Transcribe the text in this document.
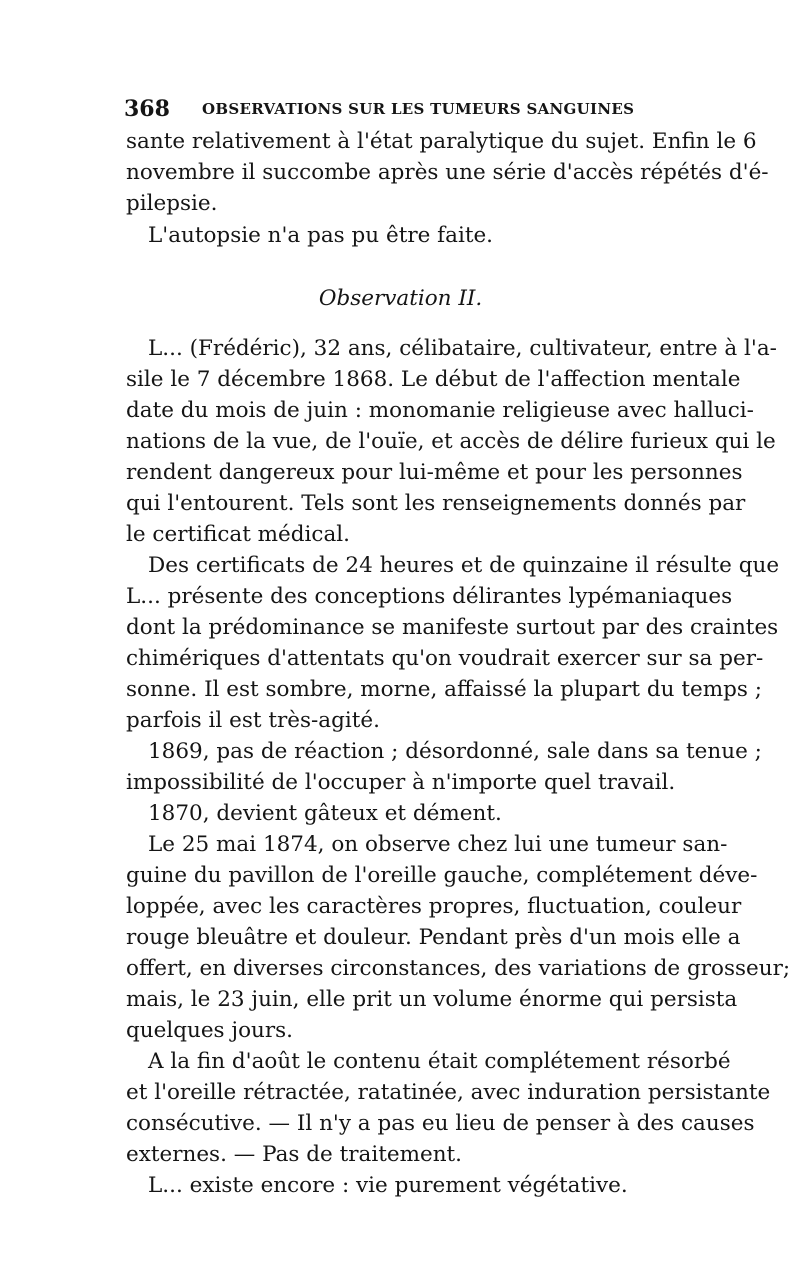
368 OBSERVATIONS SUR LES TUMEURS SANGUINES
sante relativement à l'état paralytique du sujet. Enfin le 6
novembre il succombe après une série d'accès répétés d'é-
pilepsie.
L'autopsie n'a pas pu être faite.
Observation II.
L... (Frédéric), 32 ans, célibataire, cultivateur, entre à l'a-
sile le 7 décembre 1868. Le début de l'affection mentale
date du mois de juin : monomanie religieuse avec halluci-
nations de la vue, de l'ouïe, et accès de délire furieux qui le
rendent dangereux pour lui-même et pour les personnes
qui l'entourent. Tels sont les renseignements donnés par
le certificat médical.
Des certificats de 24 heures et de quinzaine il résulte que
L... présente des conceptions délirantes lypémaniaques
dont la prédominance se manifeste surtout par des craintes
chimériques d'attentats qu'on voudrait exercer sur sa per-
sonne. Il est sombre, morne, affaissé la plupart du temps ;
parfois il est très-agité.
1869, pas de réaction ; désordonné, sale dans sa tenue ;
impossibilité de l'occuper à n'importe quel travail.
1870, devient gâteux et dément.
Le 25 mai 1874, on observe chez lui une tumeur san-
guine du pavillon de l'oreille gauche, complétement déve-
loppée, avec les caractères propres, fluctuation, couleur
rouge bleuâtre et douleur. Pendant près d'un mois elle a
offert, en diverses circonstances, des variations de grosseur;
mais, le 23 juin, elle prit un volume énorme qui persista
quelques jours.
A la fin d'août le contenu était complétement résorbé
et l'oreille rétractée, ratatinée, avec induration persistante
consécutive. — Il n'y a pas eu lieu de penser à des causes
externes. — Pas de traitement.
L... existe encore : vie purement végétative.
